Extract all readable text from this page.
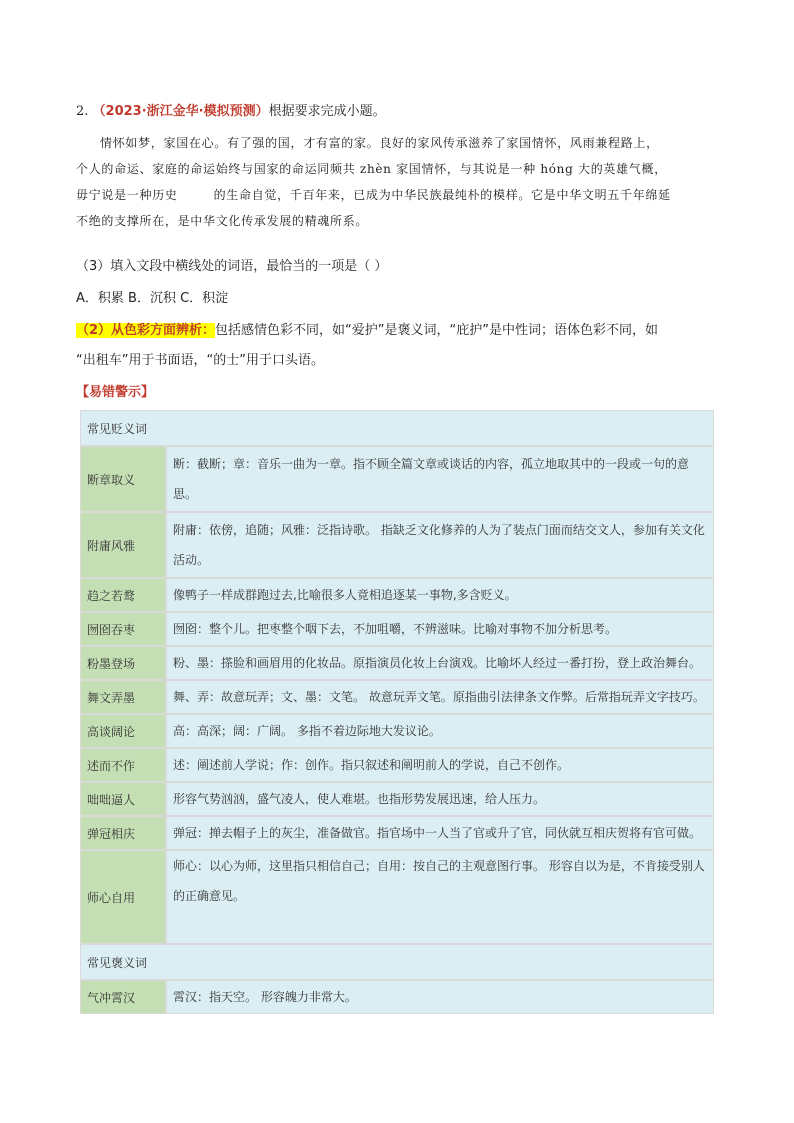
2. （2023·浙江金华·模拟预测）根据要求完成小题。
情怀如梦，家国在心。有了强的国，才有富的家。良好的家风传承滋养了家国情怀，风雨兼程路上，
个人的命运、家庭的命运始终与国家的命运同频共 zhèn 家国情怀，与其说是一种 hóng 大的英雄气概，
毋宁说是一种历史	的生命自觉，千百年来，已成为中华民族最纯朴的模样。它是中华文明五千年绵延
不绝的支撑所在，是中华文化传承发展的精魂所系。
（3）填入文段中横线处的词语，最恰当的一项是（ ）
A．积累 B．沉积 C．积淀
（2）从色彩方面辨析：包括感情色彩不同，如“爱护”是褒义词，“庇护”是中性词；语体色彩不同，如
“出租车”用于书面语，“的士”用于口头语。
【易错警示】
常见贬义词	
断章取义	断：截断；章：音乐一曲为一章。指不顾全篇文章或谈话的内容，孤立地取其中的一段或一句的意
思。

附庸风雅	附庸：依傍，追随；风雅：泛指诗歌。 指缺乏文化修养的人为了装点门面而结交文人，参加有关文化
活动。

趋之若鹜	像鸭子一样成群跑过去,比喻很多人竟相追逐某一事物,多含贬义。
囫囵吞枣	囫囵：整个儿。把枣整个咽下去，不加咀嚼，不辨滋味。比喻对事物不加分析思考。
粉墨登场	粉、墨：搽脸和画眉用的化妆品。原指演员化妆上台演戏。比喻坏人经过一番打扮，登上政治舞台。
舞文弄墨	舞、弄：故意玩弄；文、墨：文笔。 故意玩弄文笔。原指曲引法律条文作弊。后常指玩弄文字技巧。
高谈阔论	高：高深；阔：广阔。 多指不着边际地大发议论。
述而不作	述：阐述前人学说；作：创作。指只叙述和阐明前人的学说，自己不创作。
咄咄逼人	形容气势汹汹，盛气凌人，使人难堪。也指形势发展迅速，给人压力。
弹冠相庆	弹冠：掸去帽子上的灰尘，准备做官。指官场中一人当了官或升了官，同伙就互相庆贺将有官可做。
师心自用	师心：以心为师，这里指只相信自己；自用：按自己的主观意图行事。 形容自以为是，不肯接受别人
的正确意见。

常见褒义词	
气冲霄汉	霄汉：指天空。 形容魄力非常大。
